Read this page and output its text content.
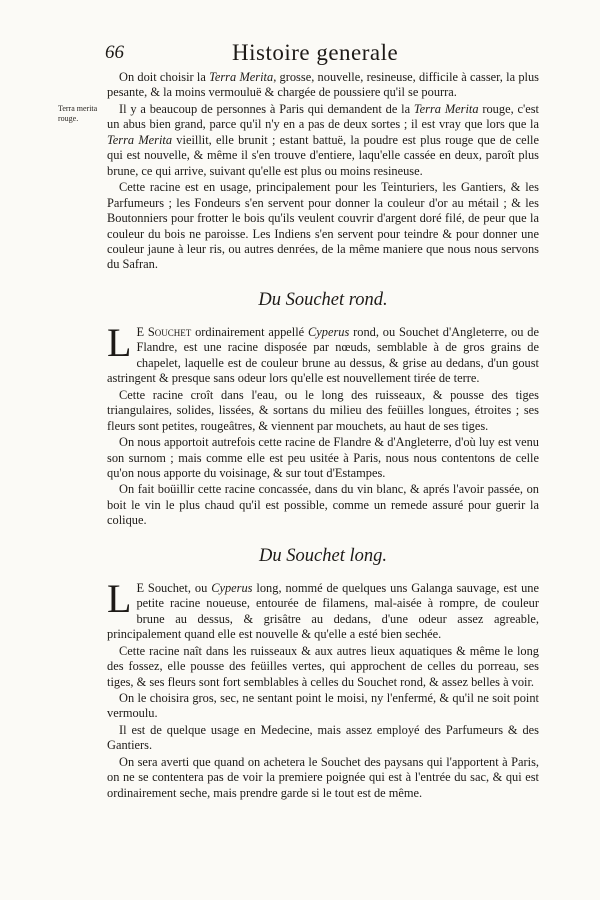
66	Histoire generale
Terra merita rouge.

On doit choisir la Terra Merita, grosse, nouvelle, resineuse, difficile à casser, la plus pesante, & la moins vermouluë & chargée de poussiere qu'il se pourra.

Il y a beaucoup de personnes à Paris qui demandent de la Terra Merita rouge, c'est un abus bien grand, parce qu'il n'y en a pas de deux sortes ; il est vray que lors que la Terra Merita vieillit, elle brunit ; estant battuë, la poudre est plus rouge que de celle qui est nouvelle, & même il s'en trouve d'entiere, laqu'elle cassée en deux, paroît plus brune, ce qui arrive, suivant qu'elle est plus ou moins resineuse.

Cette racine est en usage, principalement pour les Teinturiers, les Gantiers, & les Parfumeurs ; les Fondeurs s'en servent pour donner la couleur d'or au métail ; & les Boutonniers pour frotter le bois qu'ils veulent couvrir d'argent doré filé, de peur que la couleur du bois ne paroisse. Les Indiens s'en servent pour teindre & pour donner une couleur jaune à leur ris, ou autres denrées, de la même maniere que nous nous servons du Safran.

Du Souchet rond.

L E Souchet ordinairement appellé Cyperus rond, ou Souchet d'Angleterre, ou de Flandre, est une racine disposée par nœuds, semblable à de gros grains de chapelet, laquelle est de couleur brune au dessus, & grise au dedans, d'un goust astringent & presque sans odeur lors qu'elle est nouvellement tirée de terre.

Cette racine croît dans l'eau, ou le long des ruisseaux, & pousse des tiges triangulaires, solides, lissées, & sortans du milieu des feüilles longues, étroites ; ses fleurs sont petites, rougeâtres, & viennent par mouchets, au haut de ses tiges.

On nous apportoit autrefois cette racine de Flandre & d'Angleterre, d'où luy est venu son surnom ; mais comme elle est peu usitée à Paris, nous nous contentons de celle qu'on nous apporte du voisinage, & sur tout d'Estampes.

On fait boüillir cette racine concassée, dans du vin blanc, & aprés l'avoir passée, on boit le vin le plus chaud qu'il est possible, comme un remede assuré pour guerir la colique.

Du Souchet long.

L E Souchet, ou Cyperus long, nommé de quelques uns Galanga sauvage, est une petite racine noueuse, entourée de filamens, mal-aisée à rompre, de couleur brune au dessus, & grisâtre au dedans, d'une odeur assez agreable, principalement quand elle est nouvelle & qu'elle a esté bien sechée.

Cette racine naît dans les ruisseaux & aux autres lieux aquatiques & même le long des fossez, elle pousse des feüilles vertes, qui approchent de celles du porreau, ses tiges, & ses fleurs sont fort semblables à celles du Souchet rond, & assez belles à voir.

On le choisira gros, sec, ne sentant point le moisi, ny l'enfermé, & qu'il ne soit point vermoulu.

Il est de quelque usage en Medecine, mais assez employé des Parfumeurs & des Gantiers.

On sera averti que quand on achetera le Souchet des paysans qui l'apportent à Paris, on ne se contentera pas de voir la premiere poignée qui est à l'entrée du sac, & qui est ordinairement seche, mais prendre garde si le tout est de même.
